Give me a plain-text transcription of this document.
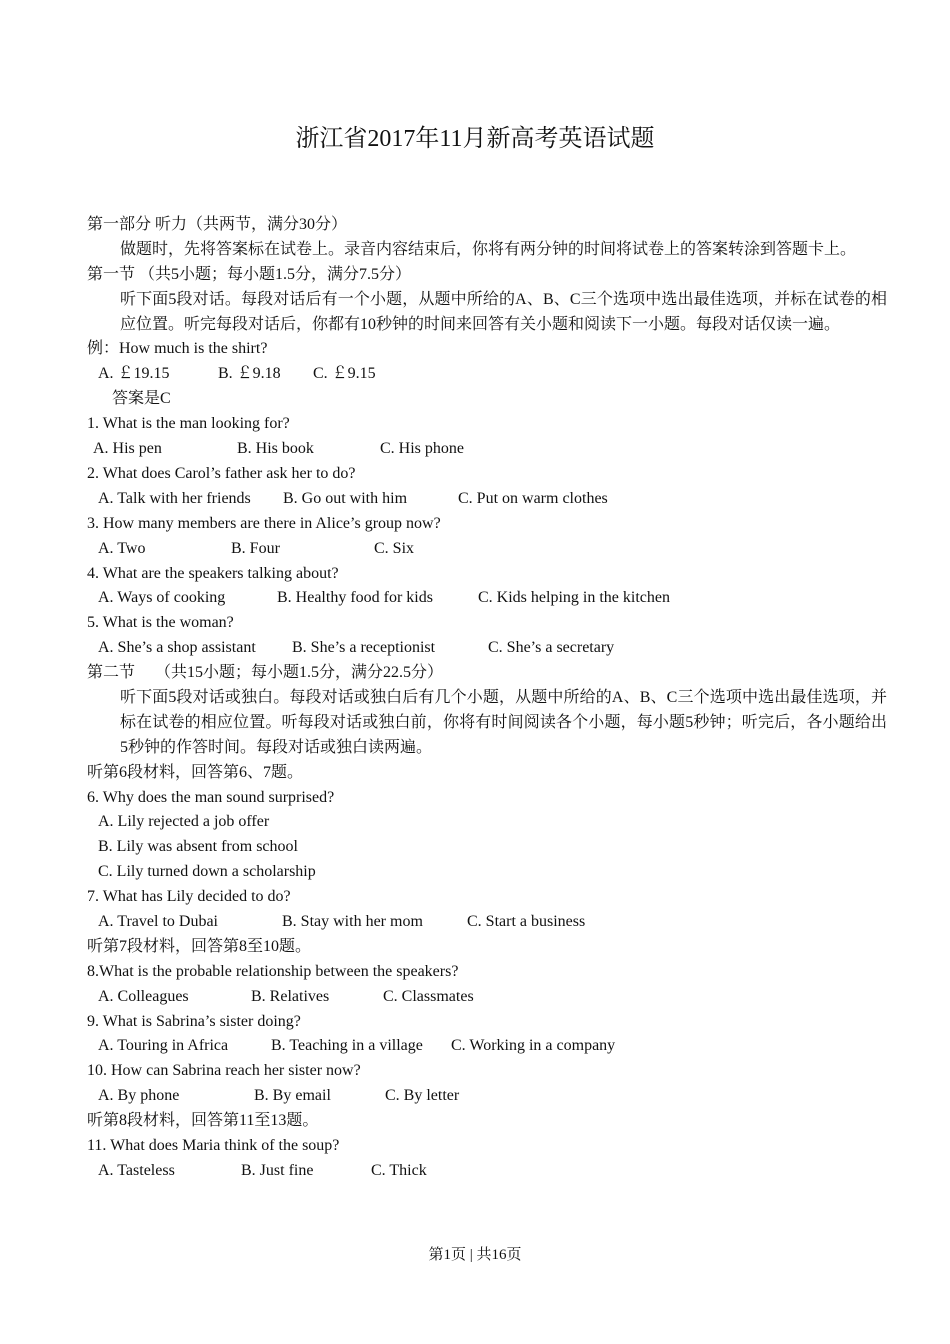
浙江省2017年11月新高考英语试题
第一部分 听力（共两节，满分30分）
做题时，先将答案标在试卷上。录音内容结束后，你将有两分钟的时间将试卷上的答案转涂到答题卡上。
第一节 （共5小题；每小题1.5分，满分7.5分）
听下面5段对话。每段对话后有一个小题，从题中所给的A、B、C三个选项中选出最佳选项，并标在试卷的相应位置。听完每段对话后，你都有10秒钟的时间来回答有关小题和阅读下一小题。每段对话仅读一遍。
例：How much is the shirt?
A. ￡19.15	B. ￡9.18 C. ￡9.15
答案是C
1. What is the man looking for?
A. His pen	B. His book	C. His phone
2. What does Carol’s father ask her to do?
A. Talk with her friends B. Go out with him	C. Put on warm clothes
3. How many members are there in Alice’s group now?
A. Two	B. Four	C. Six
4. What are the speakers talking about?
A. Ways of cooking	B. Healthy food for kids	C. Kids helping in the kitchen
5. What is the woman?
A. She’s a shop assistant B. She’s a receptionist	C. She’s a secretary
第二节　 （共15小题；每小题1.5分，满分22.5分）
听下面5段对话或独白。每段对话或独白后有几个小题，从题中所给的A、B、C三个选项中选出最佳选项，并标在试卷的相应位置。听每段对话或独白前，你将有时间阅读各个小题，每小题5秒钟；听完后，各小题给出5秒钟的作答时间。每段对话或独白读两遍。
听第6段材料，回答第6、7题。
6. Why does the man sound surprised?
A. Lily rejected a job offer
B. Lily was absent from school
C. Lily turned down a scholarship
7. What has Lily decided to do?
A. Travel to Dubai	B. Stay with her mom	C. Start a business
听第7段材料，回答第8至10题。
8.What is the probable relationship between the speakers?
A. Colleagues	B. Relatives	C. Classmates
9. What is Sabrina’s sister doing?
A. Touring in Africa	B. Teaching in a village C. Working in a company
10. How can Sabrina reach her sister now?
A. By phone	B. By email	C. By letter
听第8段材料，回答第11至13题。
11. What does Maria think of the soup?
A. Tasteless	B. Just fine	C. Thick
第1页 | 共16页
